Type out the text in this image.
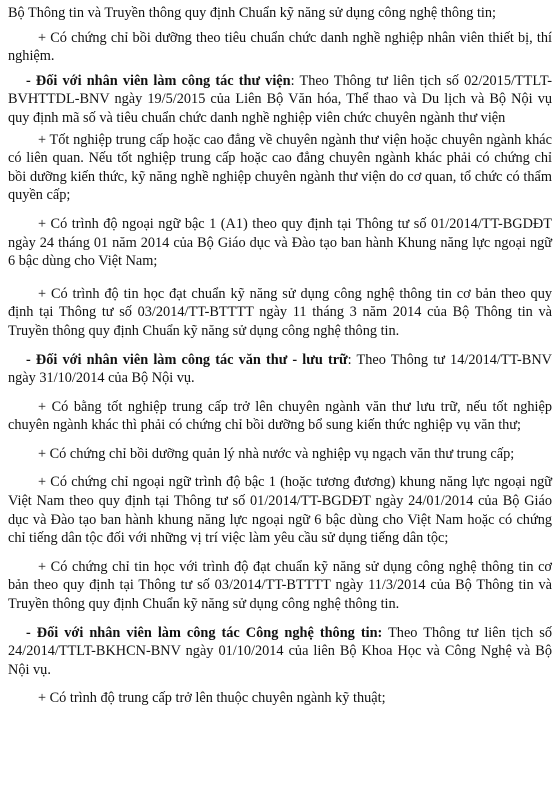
Bộ Thông tin và Truyền thông quy định Chuẩn kỹ năng sử dụng công nghệ thông tin;

+ Có chứng chỉ bồi dưỡng theo tiêu chuẩn chức danh nghề nghiệp nhân viên thiết bị, thí nghiệm.

- Đối với nhân viên làm công tác thư viện: Theo Thông tư liên tịch số 02/2015/TTLT-BVHTTDL-BNV ngày 19/5/2015 của Liên Bộ Văn hóa, Thể thao và Du lịch và Bộ Nội vụ quy định mã số và tiêu chuẩn chức danh nghề nghiệp viên chức chuyên ngành thư viện

+ Tốt nghiệp trung cấp hoặc cao đẳng về chuyên ngành thư viện hoặc chuyên ngành khác có liên quan. Nếu tốt nghiệp trung cấp hoặc cao đẳng chuyên ngành khác phải có chứng chỉ bồi dưỡng kiến thức, kỹ năng nghề nghiệp chuyên ngành thư viện do cơ quan, tổ chức có thẩm quyền cấp;

+ Có trình độ ngoại ngữ bậc 1 (A1) theo quy định tại Thông tư số 01/2014/TT-BGDĐT ngày 24 tháng 01 năm 2014 của Bộ Giáo dục và Đào tạo ban hành Khung năng lực ngoại ngữ 6 bậc dùng cho Việt Nam;

+ Có trình độ tin học đạt chuẩn kỹ năng sử dụng công nghệ thông tin cơ bản theo quy định tại Thông tư số 03/2014/TT-BTTTT ngày 11 tháng 3 năm 2014 của Bộ Thông tin và Truyền thông quy định Chuẩn kỹ năng sử dụng công nghệ thông tin.

- Đối với nhân viên làm công tác văn thư - lưu trữ: Theo Thông tư 14/2014/TT-BNV ngày 31/10/2014 của Bộ Nội vụ.

+ Có bằng tốt nghiệp trung cấp trở lên chuyên ngành văn thư lưu trữ, nếu tốt nghiệp chuyên ngành khác thì phải có chứng chỉ bồi dưỡng bổ sung kiến thức nghiệp vụ văn thư;

+ Có chứng chỉ bồi dưỡng quản lý nhà nước và nghiệp vụ ngạch văn thư trung cấp;

+ Có chứng chỉ ngoại ngữ trình độ bậc 1 (hoặc tương đương) khung năng lực ngoại ngữ Việt Nam theo quy định tại Thông tư số 01/2014/TT-BGDĐT ngày 24/01/2014 của Bộ Giáo dục và Đào tạo ban hành khung năng lực ngoại ngữ 6 bậc dùng cho Việt Nam hoặc có chứng chỉ tiếng dân tộc đối với những vị trí việc làm yêu cầu sử dụng tiếng dân tộc;

+ Có chứng chỉ tin học với trình độ đạt chuẩn kỹ năng sử dụng công nghệ thông tin cơ bản theo quy định tại Thông tư số 03/2014/TT-BTTTT ngày 11/3/2014 của Bộ Thông tin và Truyền thông quy định Chuẩn kỹ năng sử dụng công nghệ thông tin.

- Đối với nhân viên làm công tác Công nghệ thông tin: Theo Thông tư liên tịch số 24/2014/TTLT-BKHCN-BNV ngày 01/10/2014 của liên Bộ Khoa Học và Công Nghệ và Bộ Nội vụ.

+ Có trình độ trung cấp trở lên thuộc chuyên ngành kỹ thuật;
